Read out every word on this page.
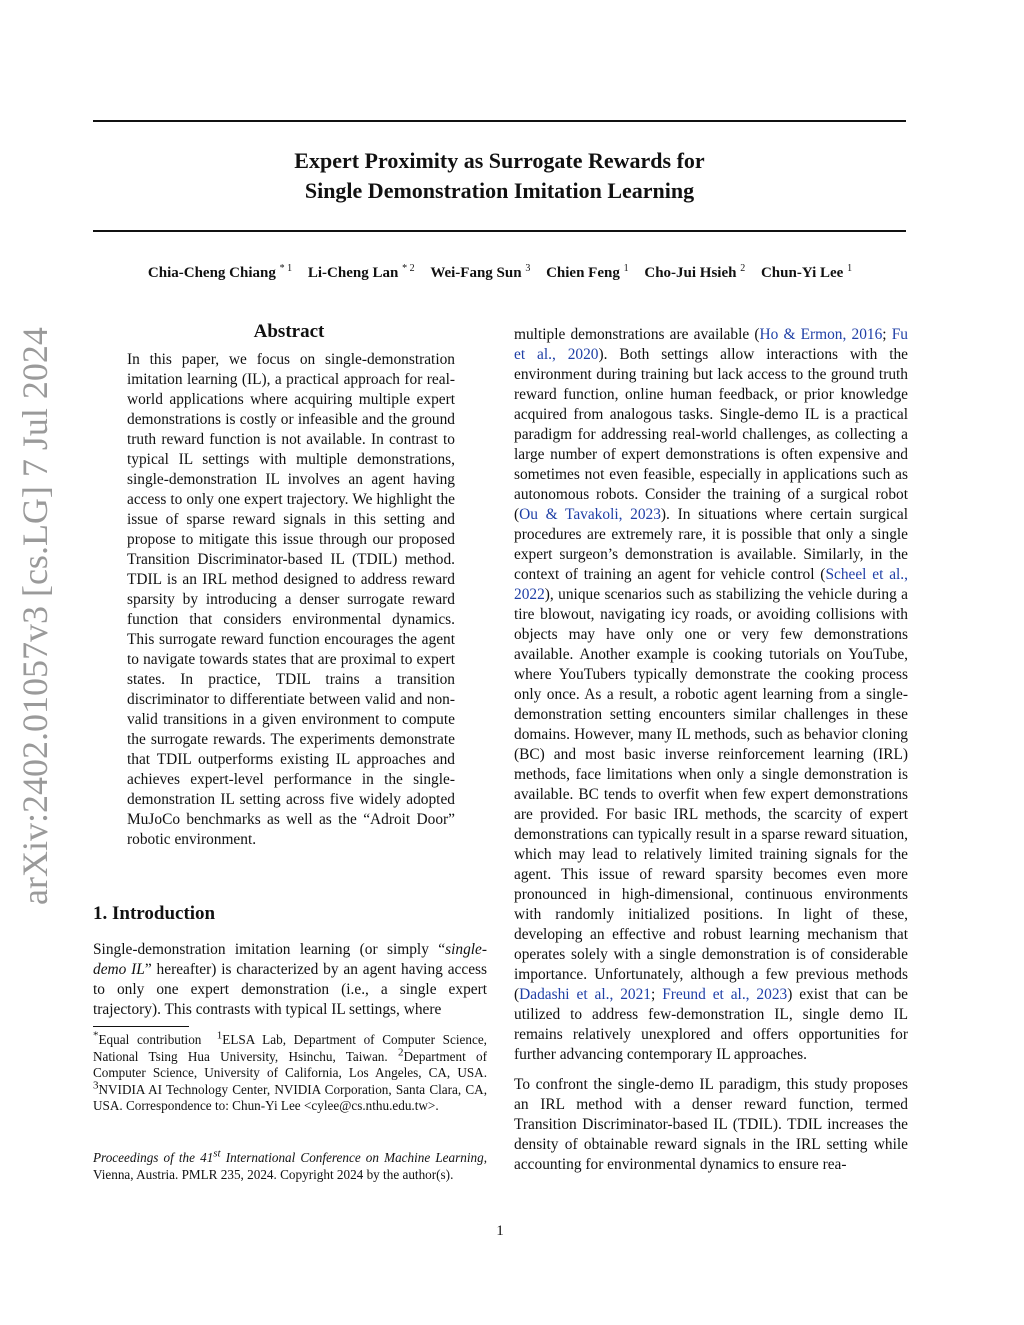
arXiv:2402.01057v3 [cs.LG] 7 Jul 2024
Expert Proximity as Surrogate Rewards for
Single Demonstration Imitation Learning
Chia-Cheng Chiang $^{* 1}$ Li-Cheng Lan $^{* 2}$ Wei-Fang Sun $^3$ Chien Feng $^1$ Cho-Jui Hsieh $^2$ Chun-Yi Lee $^1$
Abstract
In this paper, we focus on single-demonstration imitation learning (IL), a practical approach for real-world applications where acquiring multiple expert demonstrations is costly or infeasible and the ground truth reward function is not available. In contrast to typical IL settings with multiple demonstrations, single-demonstration IL involves an agent having access to only one expert trajectory. We highlight the issue of sparse reward signals in this setting and propose to mitigate this issue through our proposed Transition Discriminator-based IL (TDIL) method. TDIL is an IRL method designed to address reward sparsity by introducing a denser surrogate reward function that considers environmental dynamics. This surrogate reward function encourages the agent to navigate towards states that are proximal to expert states. In practice, TDIL trains a transition discriminator to differentiate between valid and non-valid transitions in a given environment to compute the surrogate rewards. The experiments demonstrate that TDIL outperforms existing IL approaches and achieves expert-level performance in the single-demonstration IL setting across five widely adopted MuJoCo benchmarks as well as the “Adroit Door” robotic environment.
1. Introduction
Single-demonstration imitation learning (or simply “single-demo IL” hereafter) is characterized by an agent having access to only one expert demonstration (i.e., a single expert trajectory). This contrasts with typical IL settings, where

*Equal contribution $^1$ELSA Lab, Department of Computer Science, National Tsing Hua University, Hsinchu, Taiwan. $^2$Department of Computer Science, University of California, Los Angeles, CA, USA. $^3$NVIDIA AI Technology Center, NVIDIA Corporation, Santa Clara, CA, USA. Correspondence to: Chun-Yi Lee <cylee@cs.nthu.edu.tw>.

Proceedings of the 41st International Conference on Machine Learning, Vienna, Austria. PMLR 235, 2024. Copyright 2024 by the author(s).

multiple demonstrations are available (Ho & Ermon, 2016; Fu et al., 2020). Both settings allow interactions with the environment during training but lack access to the ground truth reward function, online human feedback, or prior knowledge acquired from analogous tasks. Single-demo IL is a practical paradigm for addressing real-world challenges, as collecting a large number of expert demonstrations is often expensive and sometimes not even feasible, especially in applications such as autonomous robots. Consider the training of a surgical robot (Ou & Tavakoli, 2023). In situations where certain surgical procedures are extremely rare, it is possible that only a single expert surgeon’s demonstration is available. Similarly, in the context of training an agent for vehicle control (Scheel et al., 2022), unique scenarios such as stabilizing the vehicle during a tire blowout, navigating icy roads, or avoiding collisions with objects may have only one or very few demonstrations available. Another example is cooking tutorials on YouTube, where YouTubers typically demonstrate the cooking process only once. As a result, a robotic agent learning from a single-demonstration setting encounters similar challenges in these domains. However, many IL methods, such as behavior cloning (BC) and most basic inverse reinforcement learning (IRL) methods, face limitations when only a single demonstration is available. BC tends to overfit when few expert demonstrations are provided. For basic IRL methods, the scarcity of expert demonstrations can typically result in a sparse reward situation, which may lead to relatively limited training signals for the agent. This issue of reward sparsity becomes even more pronounced in high-dimensional, continuous environments with randomly initialized positions. In light of these, developing an effective and robust learning mechanism that operates solely with a single demonstration is of considerable importance. Unfortunately, although a few previous methods (Dadashi et al., 2021; Freund et al., 2023) exist that can be utilized to address few-demonstration IL, single demo IL remains relatively unexplored and offers opportunities for further advancing contemporary IL approaches.

To confront the single-demo IL paradigm, this study proposes an IRL method with a denser reward function, termed Transition Discriminator-based IL (TDIL). TDIL increases the density of obtainable reward signals in the IRL setting while accounting for environmental dynamics to ensure rea-

1
